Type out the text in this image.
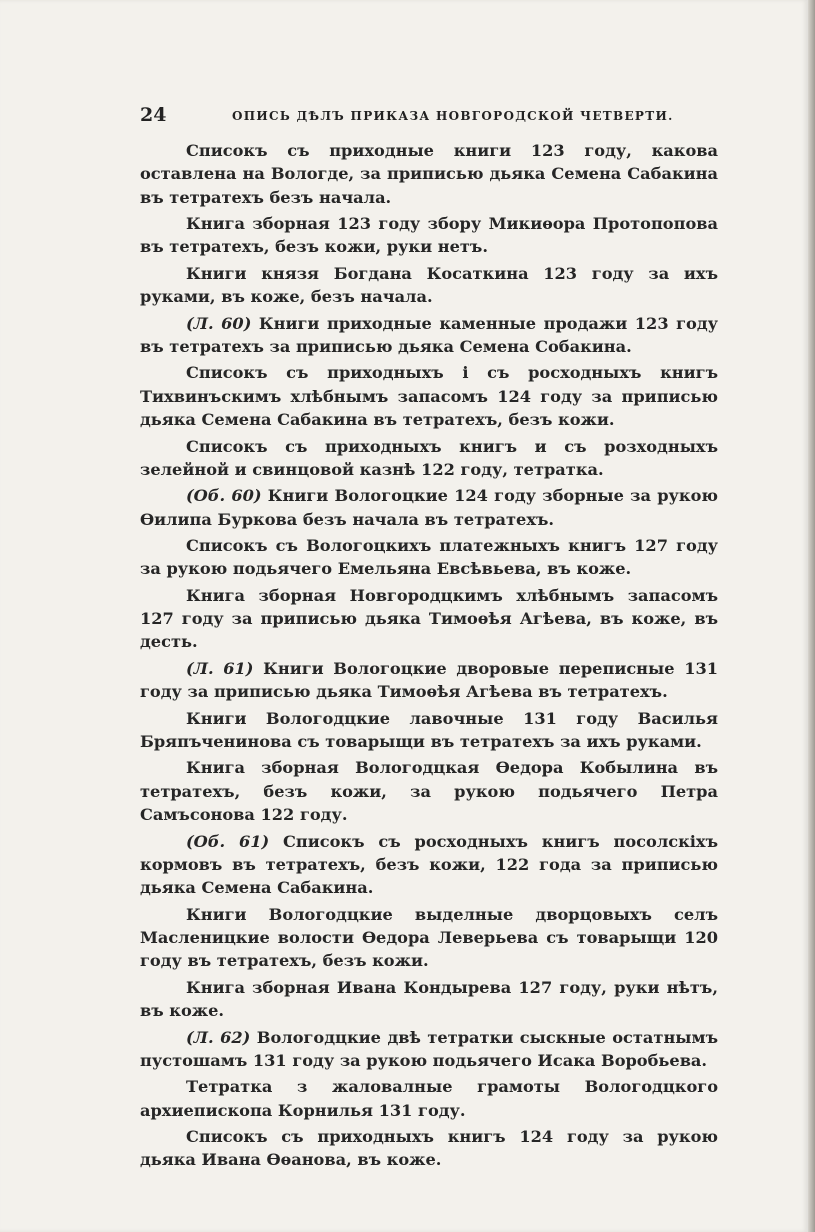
24	ОПИСЬ ДѢЛЪ ПРИКАЗА НОВГОРОДСКОЙ ЧЕТВЕРТИ.

Списокъ съ приходные книги 123 году, какова оставлена на Вологде, за приписью дьяка Семена Сабакина въ тетратехъ безъ начала.

Книга зборная 123 году збору Микиѳора Протопопова въ тетратехъ, безъ кожи, руки нетъ.

Книги князя Богдана Косаткина 123 году за ихъ руками, въ коже, безъ начала.

(Л. 60) Книги приходные каменные продажи 123 году въ тетратехъ за приписью дьяка Семена Собакина.

Списокъ съ приходныхъ і съ росходныхъ книгъ Тихвинъскимъ хлѣбнымъ запасомъ 124 году за приписью дьяка Семена Сабакина въ тетратехъ, безъ кожи.

Списокъ съ приходныхъ книгъ и съ розходныхъ зелейной и свинцовой казнѣ 122 году, тетратка.

(Об. 60) Книги Вологоцкие 124 году зборные за рукою Ѳилипа Буркова безъ начала въ тетратехъ.

Списокъ съ Вологоцкихъ платежныхъ книгъ 127 году за рукою подьячего Емельяна Евсѣвьева, въ коже.

Книга зборная Новгородцкимъ хлѣбнымъ запасомъ 127 году за приписью дьяка Тимоѳѣя Агѣева, въ коже, въ десть.

(Л. 61) Книги Вологоцкие дворовые переписные 131 году за приписью дьяка Тимоѳѣя Агѣева въ тетратехъ.

Книги Вологодцкие лавочные 131 году Василья Бряпъченинова съ товарыщи въ тетратехъ за ихъ руками.

Книга зборная Вологодцкая Ѳедора Кобылина въ тетратехъ, безъ кожи, за рукою подьячего Петра Самъсонова 122 году.

(Об. 61) Списокъ съ росходныхъ книгъ посолскіхъ кормовъ въ тетратехъ, безъ кожи, 122 года за приписью дьяка Семена Сабакина.

Книги Вологодцкие выделные дворцовыхъ селъ Масленицкие волости Ѳедора Леверьева съ товарыщи 120 году въ тетратехъ, безъ кожи.

Книга зборная Ивана Кондырева 127 году, руки нѣтъ, въ коже.

(Л. 62) Вологодцкие двѣ тетратки сыскные остатнымъ пустошамъ 131 году за рукою подьячего Исака Воробьева.

Тетратка з жаловалные грамоты Вологодцкого архиепископа Корнилья 131 году.

Списокъ съ приходныхъ книгъ 124 году за рукою дьяка Ивана Ѳѳанова, въ коже.
